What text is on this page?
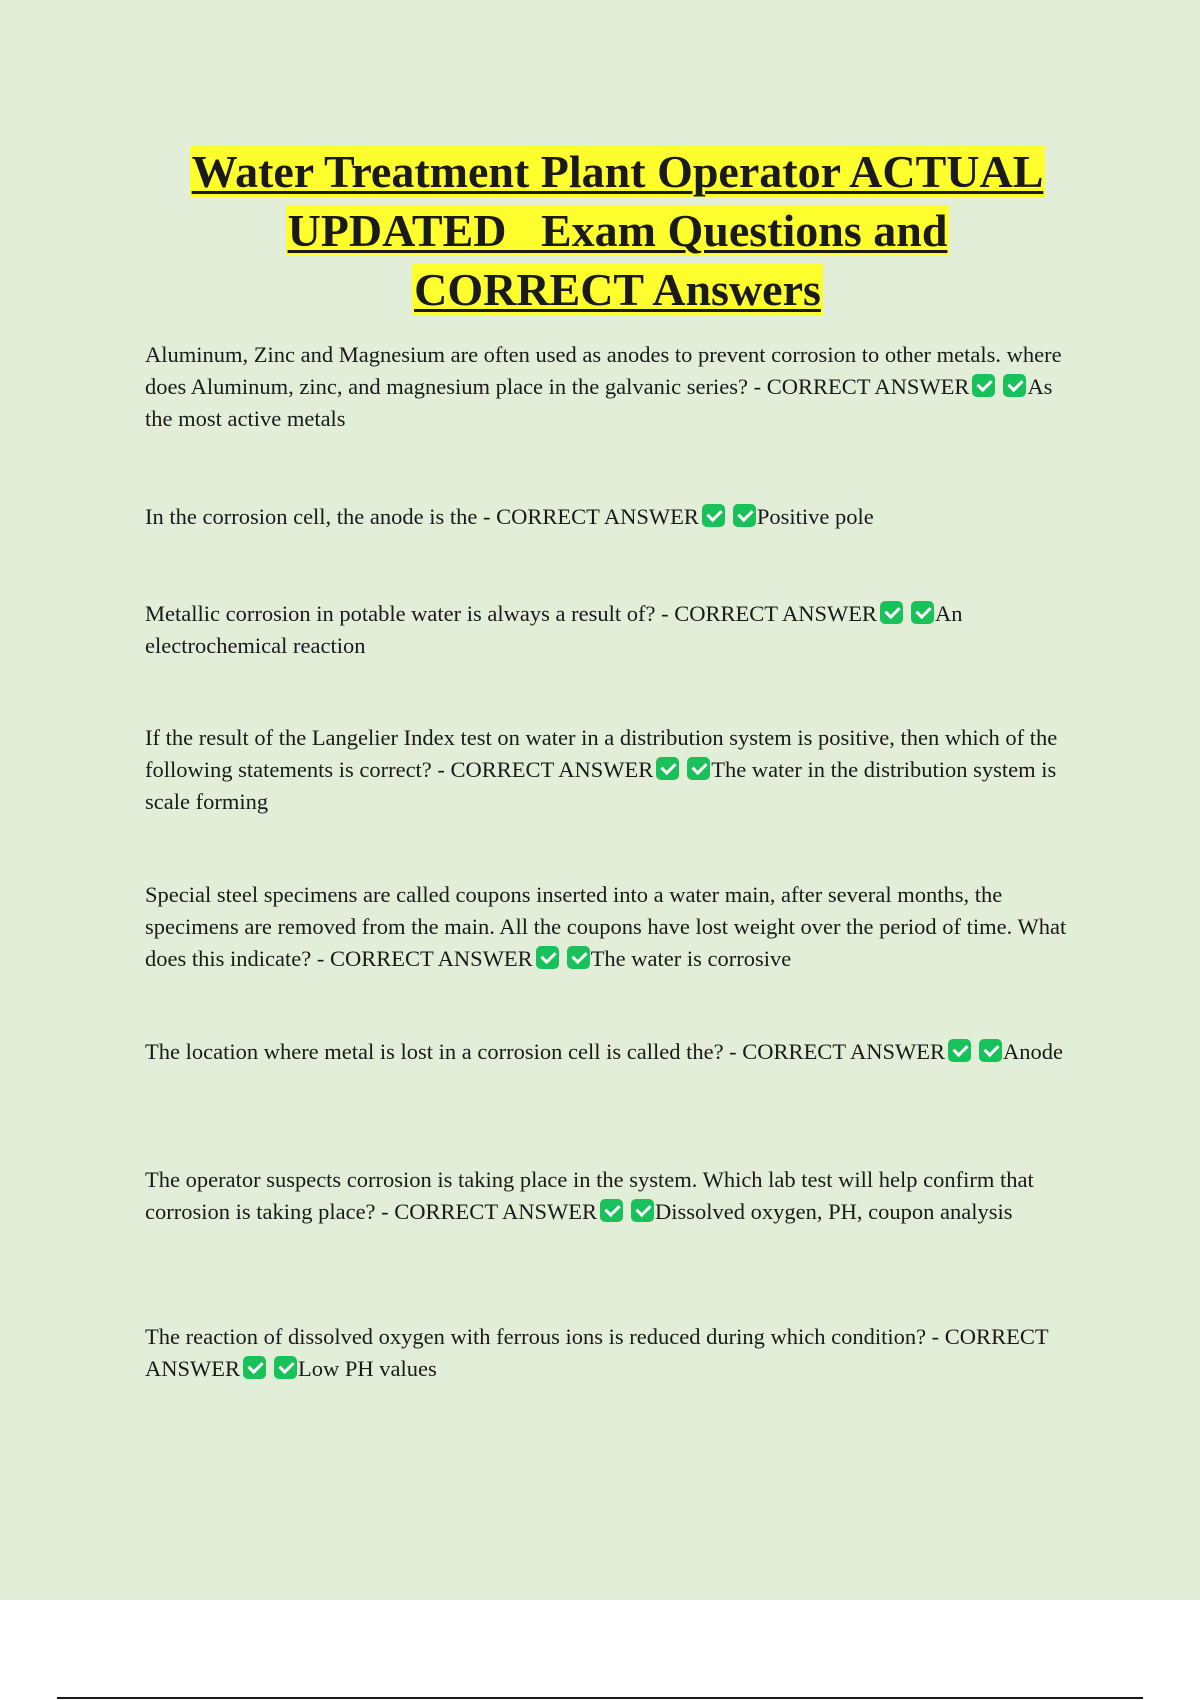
Water Treatment Plant Operator ACTUAL
UPDATED   Exam Questions and
CORRECT Answers

Aluminum, Zinc and Magnesium are often used as anodes to prevent corrosion to other metals. where does Aluminum, zinc, and magnesium place in the galvanic series? - CORRECT ANSWER	As the most active metals

In the corrosion cell, the anode is the - CORRECT ANSWER	Positive pole

Metallic corrosion in potable water is always a result of? - CORRECT ANSWER	An electrochemical reaction

If the result of the Langelier Index test on water in a distribution system is positive, then which of the following statements is correct? - CORRECT ANSWER	The water in the distribution system is scale forming

Special steel specimens are called coupons inserted into a water main, after several months, the specimens are removed from the main. All the coupons have lost weight over the period of time. What does this indicate? - CORRECT ANSWER	The water is corrosive

The location where metal is lost in a corrosion cell is called the? - CORRECT ANSWER	Anode

The operator suspects corrosion is taking place in the system. Which lab test will help confirm that corrosion is taking place? - CORRECT ANSWER	Dissolved oxygen, PH, coupon analysis

The reaction of dissolved oxygen with ferrous ions is reduced during which condition? - CORRECT ANSWER	Low PH values
